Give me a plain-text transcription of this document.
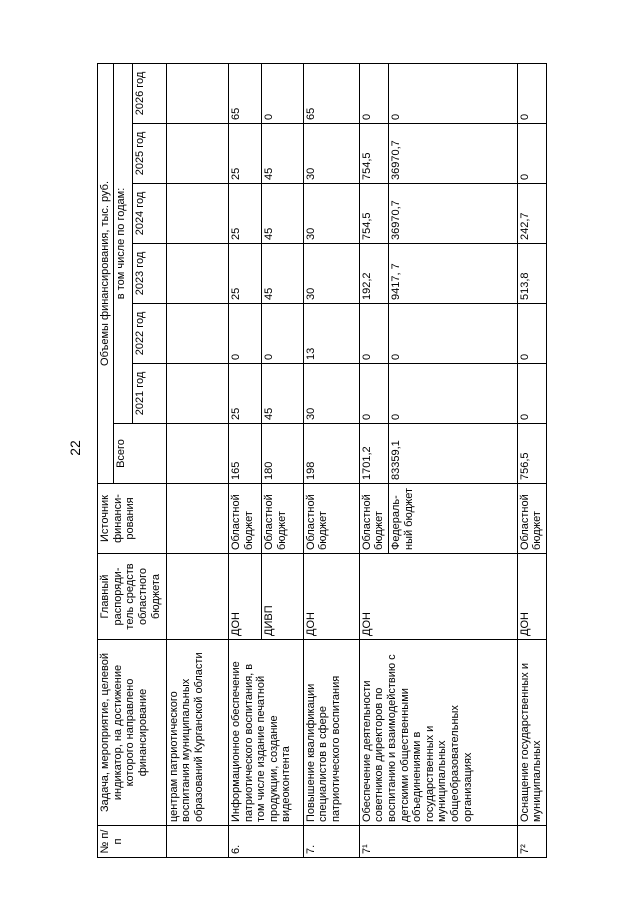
22
№ п/п	Задача, мероприятие, целевой индикатор, на достижение которого направлено финансирование	Главный распоряди-тель средств областного бюджета	Источник финанси-рования	Объемы финансирования, тыс. руб.						
				Всего	в том числе по годам:					
					2021 год	2022 год	2023 год	2024 год	2025 год	2026 год
	центрам патриотического воспитания муниципальных образований Курганской области									
6.	Информационное обеспечение патриотического воспитания, в том числе издание печатной продукции, создание видеоконтента	ДОН	Областной бюджет	165	25	0	25	25	25	65
		ДИВП	Областной бюджет	180	45	0	45	45	45	0
7.	Повышение квалификации специалистов в сфере патриотического воспитания	ДОН	Областной бюджет	198	30	13	30	30	30	65
7¹	Обеспечение деятельности советников директоров по воспитанию и взаимодействию с детскими общественными объединениями в государственных и муниципальных общеобразовательных организациях	ДОН	Областной бюджет	1701,2	0	0	192,2	754,5	754,5	0
			Федераль-ный бюджет	83359,1	0	0	9417, 7	36970,7	36970,7	0
7²	Оснащение государственных и муниципальных	ДОН	Областной бюджет	756,5	0	0	513,8	242,7	0	0
